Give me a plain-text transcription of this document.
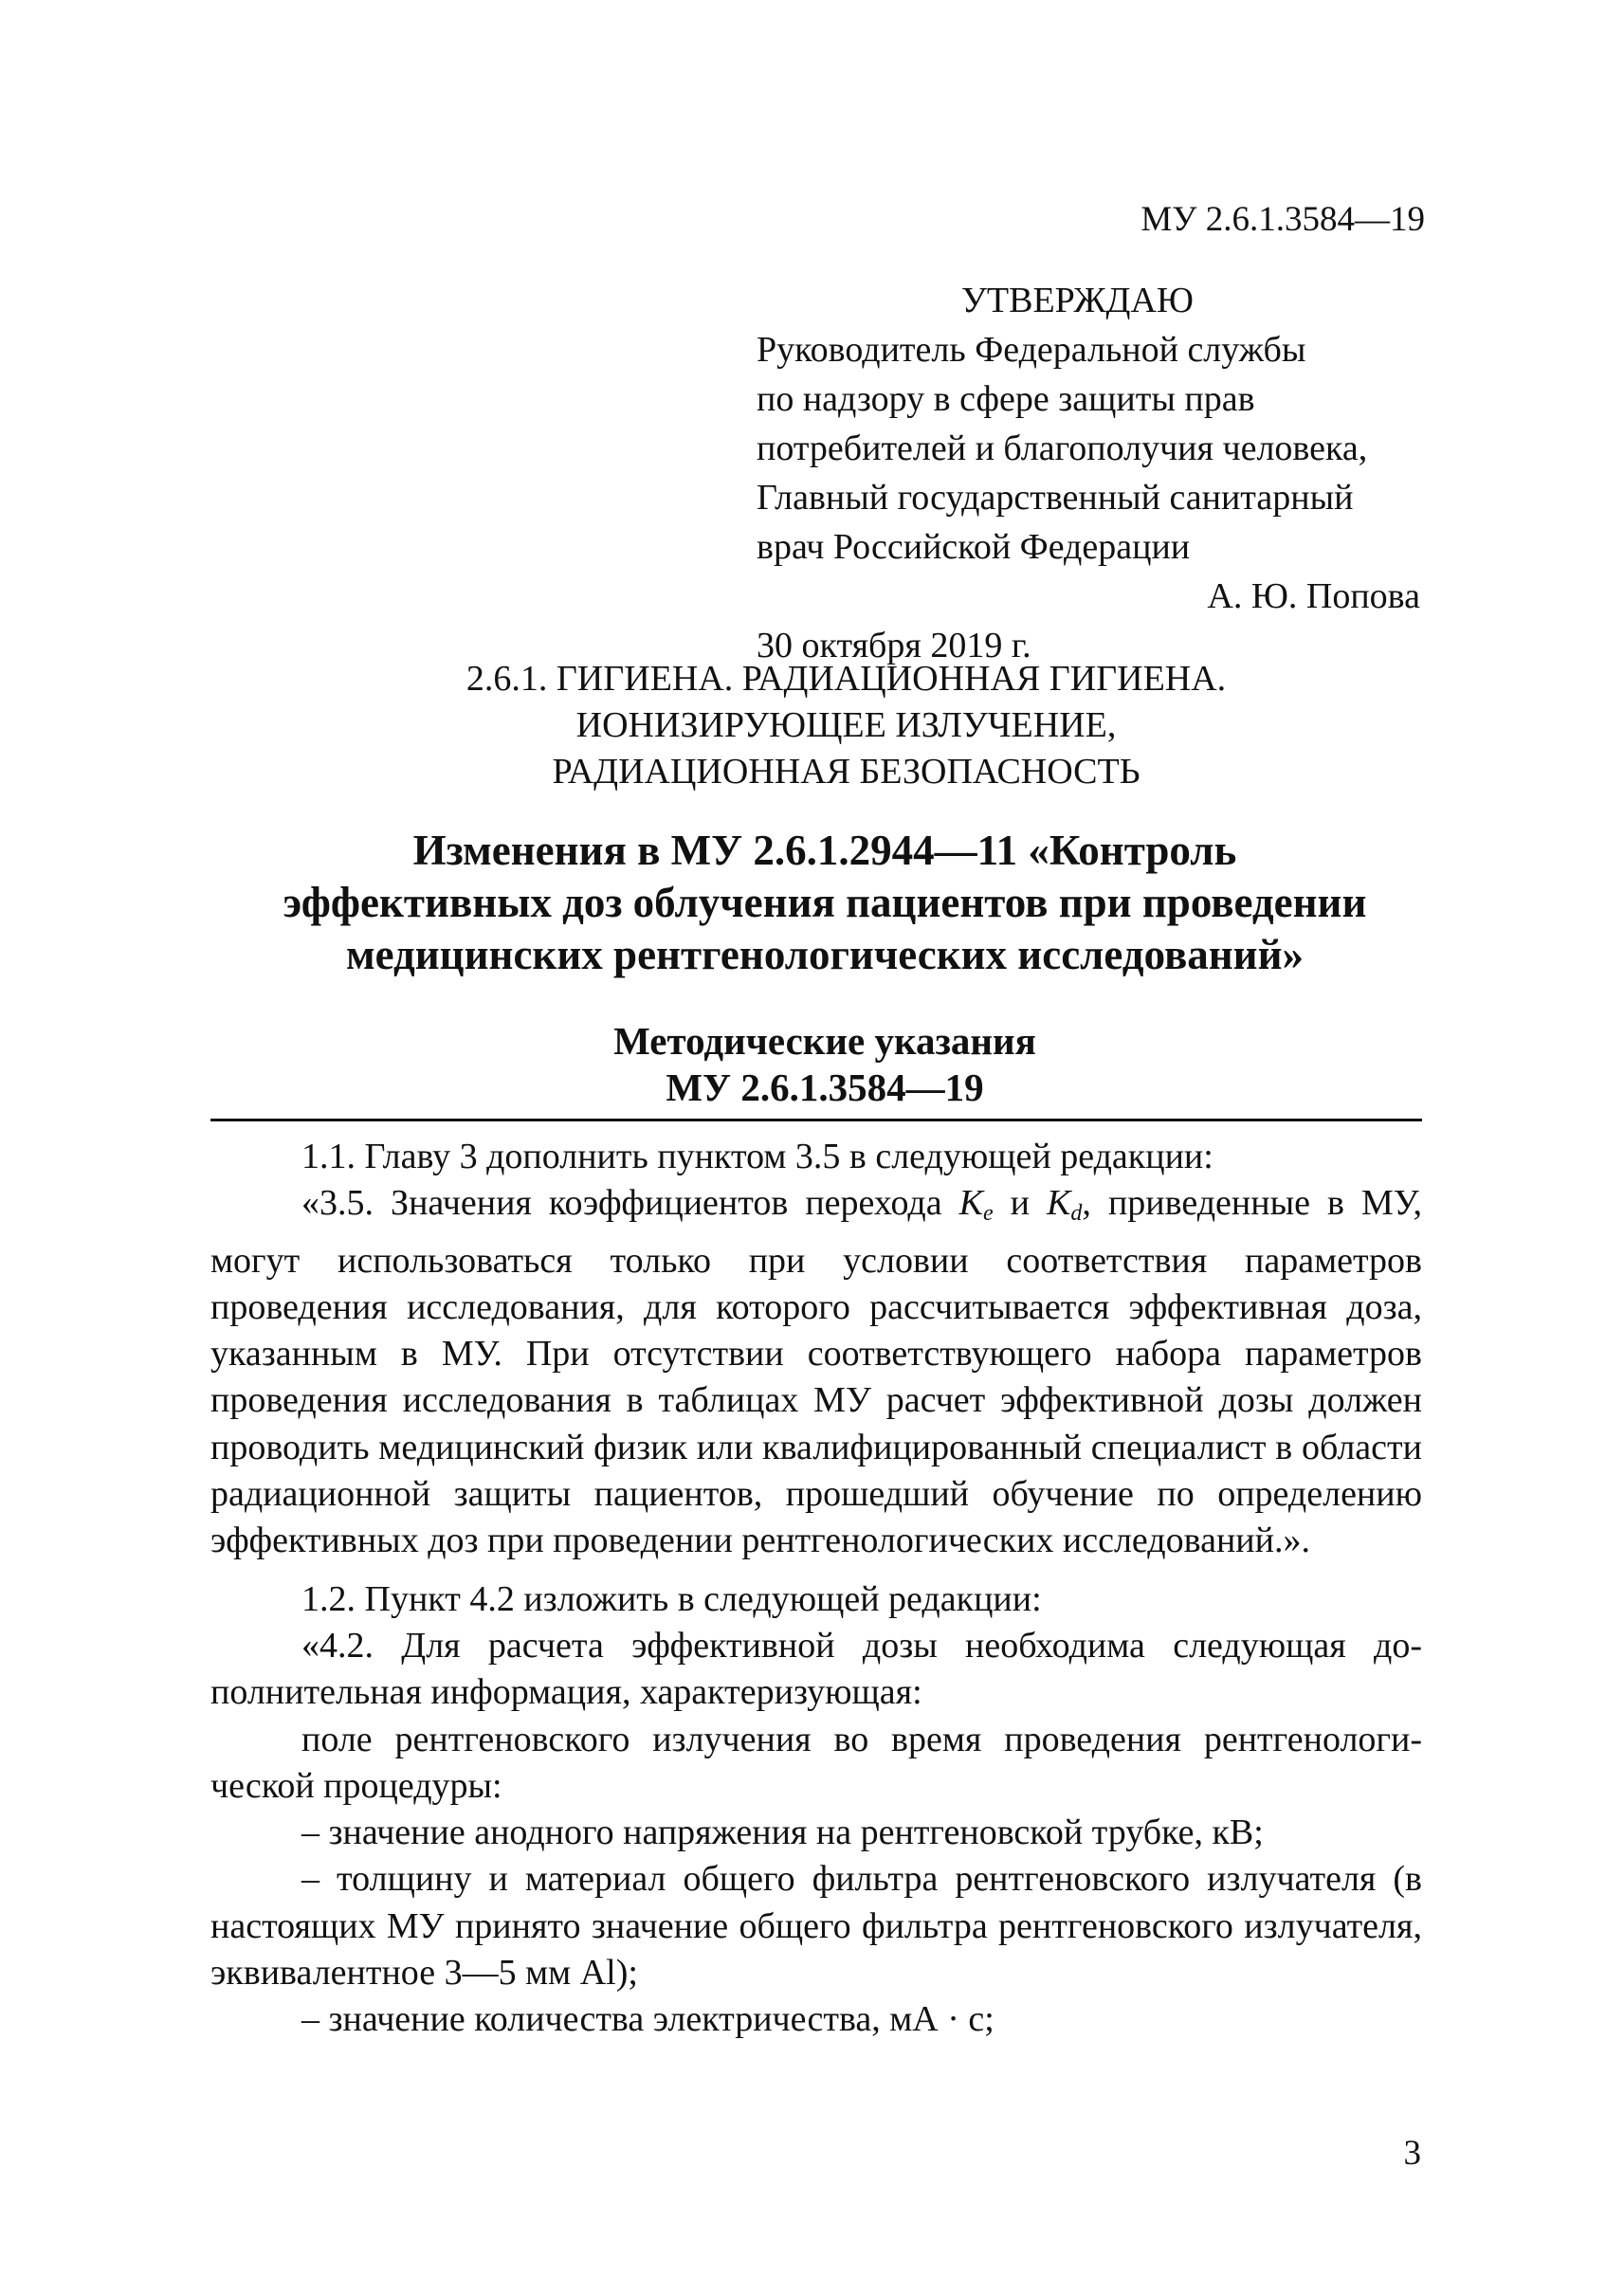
МУ 2.6.1.3584—19
УТВЕРЖДАЮ
Руководитель Федеральной службы
по надзору в сфере защиты прав
потребителей и благополучия человека,
Главный государственный санитарный
врач Российской Федерации
А. Ю. Попова
30 октября 2019 г.
2.6.1. ГИГИЕНА. РАДИАЦИОННАЯ ГИГИЕНА.
ИОНИЗИРУЮЩЕЕ ИЗЛУЧЕНИЕ,
РАДИАЦИОННАЯ БЕЗОПАСНОСТЬ
Изменения в МУ 2.6.1.2944—11 «Контроль
эффективных доз облучения пациентов при проведении
медицинских рентгенологических исследований»
Методические указания
МУ 2.6.1.3584—19

1.1. Главу 3 дополнить пунктом 3.5 в следующей редакции:

«3.5. Значения коэффициентов перехода $K_e$ и $K_d$, приведенные в МУ, могут использоваться только при условии соответствия параметров проведения исследования, для которого рассчитывается эффективная доза, указанным в МУ. При отсутствии соответствующего набора параметров проведения исследования в таблицах МУ расчет эффективной дозы должен проводить медицинский физик или квалифицированный специалист в области радиационной защиты пациентов, прошедший обучение по определению эффективных доз при проведении рентгенологических исследований.».

1.2. Пункт 4.2 изложить в следующей редакции:

«4.2. Для расчета эффективной дозы необходима следующая дополнительная информация, характеризующая:

поле рентгеновского излучения во время проведения рентгенологической процедуры:

– значение анодного напряжения на рентгеновской трубке, кВ;

– толщину и материал общего фильтра рентгеновского излучателя (в настоящих МУ принято значение общего фильтра рентгеновского излучателя, эквивалентное 3—5 мм Al);

– значение количества электричества, мА · с;

3
